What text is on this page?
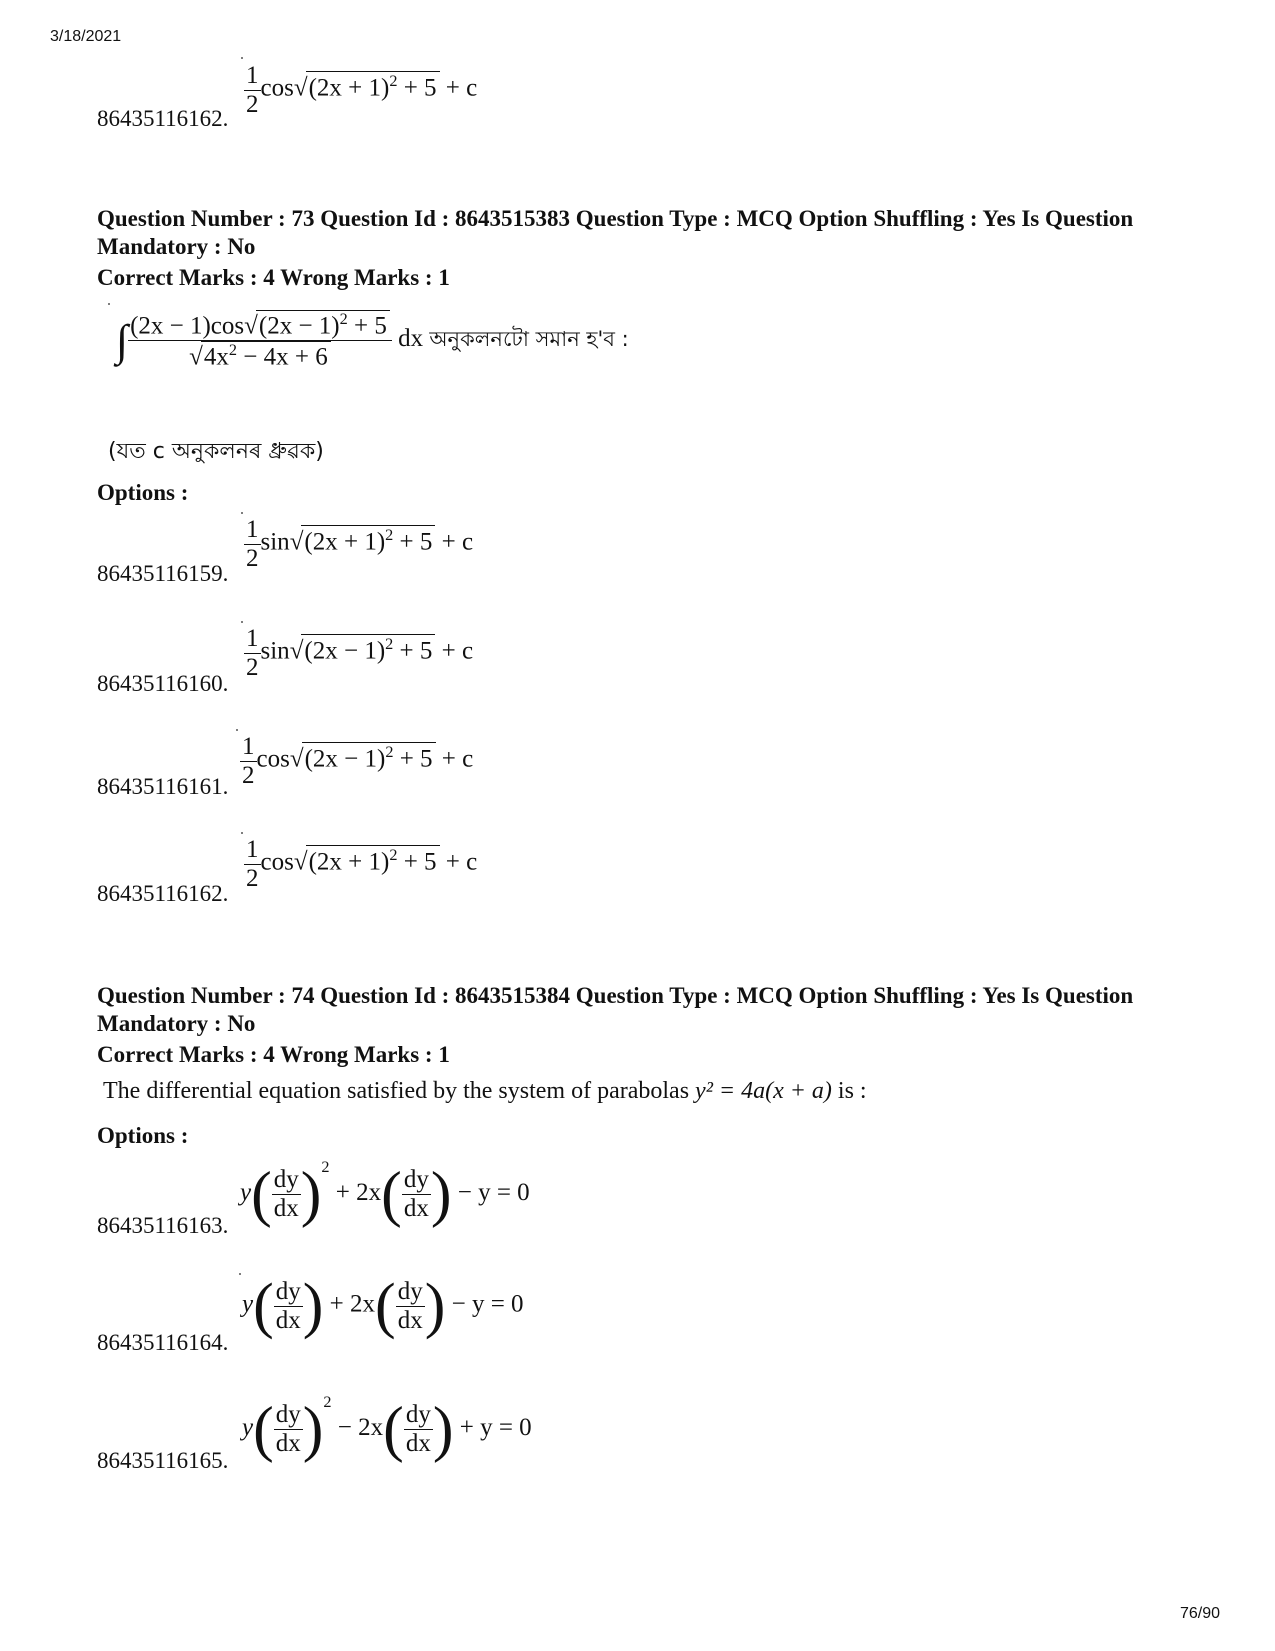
3/18/2021
86435116162.
$\frac{1}{2} \cos√(2x + 1)^2 + 5 + c$
Question Number : 73 Question Id : 8643515383 Question Type : MCQ Option Shuffling : Yes Is Question Mandatory : No
Correct Marks : 4 Wrong Marks : 1
∫ $\frac{(2x - 1)\cos√(2x - 1)^2 + 5}{√4x^2 - 4x + 6}$ dx অনুকলনটো সমান হ'ব :
(যত c অনুকলনৰ ধ্ৰুৱক)
Options :
86435116159.
$\frac{1}{2} \sin√(2x + 1)^2 + 5 + c$
86435116160.
$\frac{1}{2} \sin√(2x - 1)^2 + 5 + c$
86435116161. $\frac{1}{2} \cos√(2x - 1)^2 + 5 + c$
86435116162.
$\frac{1}{2} \cos√(2x + 1)^2 + 5 + c$
Question Number : 74 Question Id : 8643515384 Question Type : MCQ Option Shuffling : Yes Is Question Mandatory : No
Correct Marks : 4 Wrong Marks : 1
The differential equation satisfied by the system of parabolas y² = 4a(x + a) is :
Options :
86435116163.
$y( \frac{dy}{dx} )^2 + 2x( \frac{dy}{dx}$ ) − y = 0
86435116164.
$y( \frac{dy}{dx}$ ) + $2x( \frac{dy}{dx}$ ) − y = 0
86435116165.
$y( \frac{dy}{dx} )^2 - 2x( \frac{dy}{dx}$ ) + y = 0
76/90
